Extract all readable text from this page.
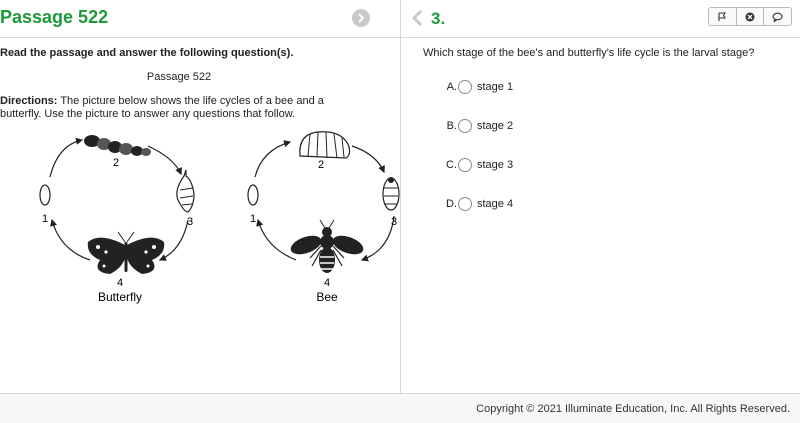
Passage 522
Read the passage and answer the following question(s).
Passage 522
Directions: The picture below shows the life cycles of a bee and a butterfly. Use the picture to answer any questions that follow.
1
2
3
4
Butterfly
1
2
3
4
Bee
3.
Which stage of the bee's and butterfly's life cycle is the larval stage?
A. stage 1
B. stage 2
C. stage 3
D. stage 4
Copyright © 2021 Illuminate Education, Inc. All Rights Reserved.
